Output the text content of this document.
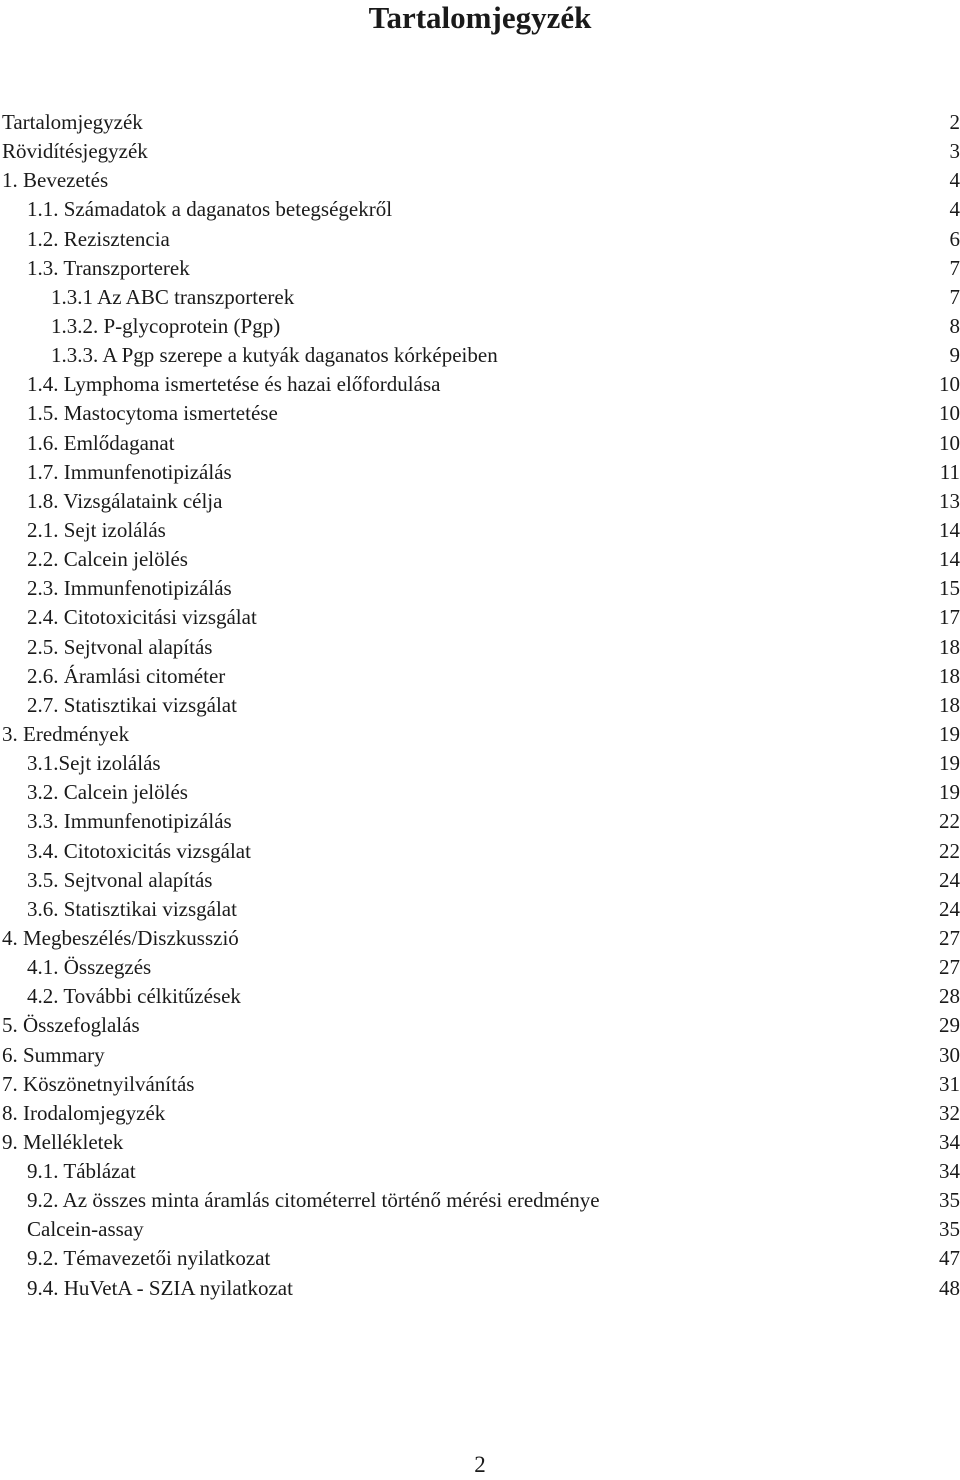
Tartalomjegyzék
Tartalomjegyzék	2
Rövidítésjegyzék	3
1. Bevezetés	4
1.1. Számadatok a daganatos betegségekről	4
1.2. Rezisztencia	6
1.3. Transzporterek	7
1.3.1 Az ABC transzporterek	7
1.3.2. P-glycoprotein (Pgp)	8
1.3.3. A Pgp szerepe a kutyák daganatos kórképeiben	9
1.4. Lymphoma ismertetése és hazai előfordulása	10
1.5. Mastocytoma ismertetése	10
1.6. Emlődaganat	10
1.7. Immunfenotipizálás	11
1.8. Vizsgálataink célja	13
2.1. Sejt izolálás	14
2.2. Calcein jelölés	14
2.3. Immunfenotipizálás	15
2.4. Citotoxicitási vizsgálat	17
2.5. Sejtvonal alapítás	18
2.6. Áramlási citométer	18
2.7. Statisztikai vizsgálat	18
3. Eredmények	19
3.1.Sejt izolálás	19
3.2. Calcein jelölés	19
3.3. Immunfenotipizálás	22
3.4. Citotoxicitás vizsgálat	22
3.5. Sejtvonal alapítás	24
3.6. Statisztikai vizsgálat	24
4. Megbeszélés/Diszkusszió	27
4.1. Összegzés	27
4.2. További célkitűzések	28
5. Összefoglalás	29
6. Summary	30
7. Köszönetnyilvánítás	31
8. Irodalomjegyzék	32
9. Mellékletek	34
9.1. Táblázat	34
9.2. Az összes minta áramlás citométerrel történő mérési eredménye	35
Calcein-assay	35
9.2. Témavezetői nyilatkozat	47
9.4. HuVetA - SZIA nyilatkozat	48
2
